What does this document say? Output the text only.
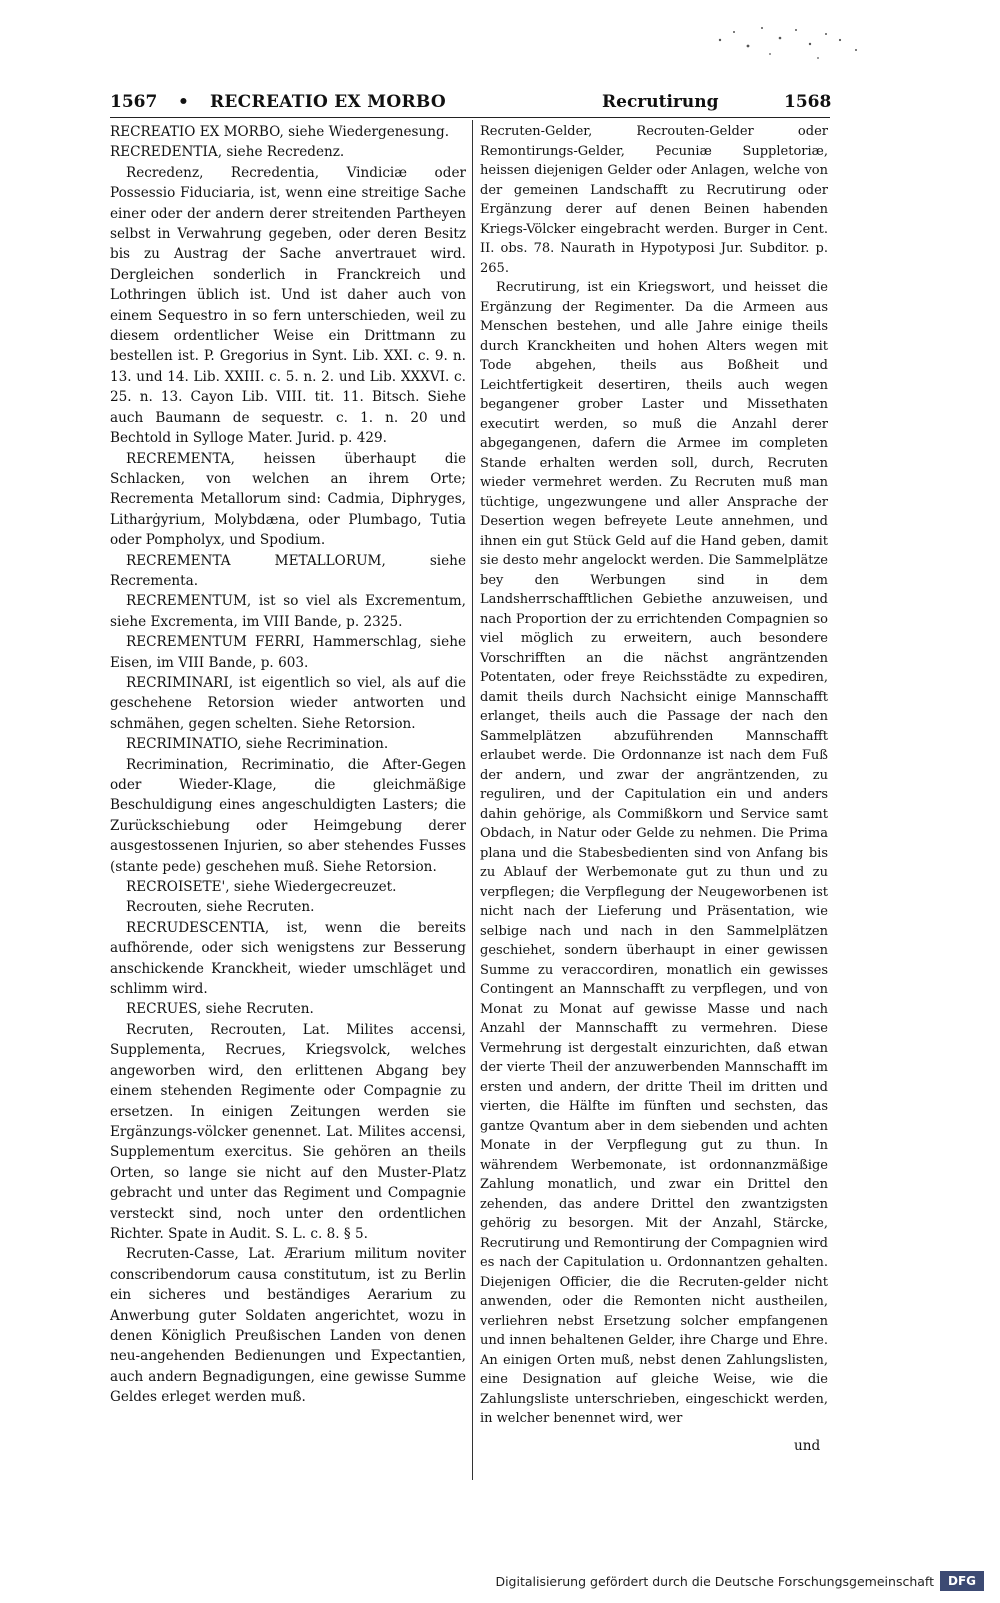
1567 • RECREATIO EX MORBO	Recrutirung	1568

RECREATIO EX MORBO, siehe Wiedergenesung.

RECREDENTIA, siehe Recredenz.

Recredenz, Recredentia, Vindiciæ oder Possessio Fiduciaria, ist, wenn eine streitige Sache einer oder der andern derer streitenden Partheyen selbst in Verwahrung gegeben, oder deren Besitz bis zu Austrag der Sache anvertrauet wird. Dergleichen sonderlich in Franckreich und Lothringen üblich ist. Und ist daher auch von einem Sequestro in so fern unterschieden, weil zu diesem ordentlicher Weise ein Drittmann zu bestellen ist. P. Gregorius in Synt. Lib. XXI. c. 9. n. 13. und 14. Lib. XXIII. c. 5. n. 2. und Lib. XXXVI. c. 25. n. 13. Cayon Lib. VIII. tit. 11. Bitsch. Siehe auch Baumann de sequestr. c. 1. n. 20 und Bechtold in Sylloge Mater. Jurid. p. 429.

RECREMENTA, heissen überhaupt die Schlacken, von welchen an ihrem Orte; Recrementa Metallorum sind: Cadmia, Diphryges, Litharġyrium, Molybdæna, oder Plumbago, Tutia oder Pompholyx, und Spodium.

RECREMENTA METALLORUM, siehe Recrementa.

RECREMENTUM, ist so viel als Excrementum, siehe Excrementa, im VIII Bande, p. 2325.

RECREMENTUM FERRI, Hammerschlag, siehe Eisen, im VIII Bande, p. 603.

RECRIMINARI, ist eigentlich so viel, als auf die geschehene Retorsion wieder antworten und schmähen, gegen schelten. Siehe Retorsion.

RECRIMINATIO, siehe Recrimination.

Recrimination, Recriminatio, die After-Gegen oder Wieder-Klage, die gleichmäßige Beschuldigung eines angeschuldigten Lasters; die Zurückschiebung oder Heimgebung derer ausgestossenen Injurien, so aber stehendes Fusses (stante pede) geschehen muß. Siehe Retorsion.

RECROISETE', siehe Wiedergecreuzet.

Recrouten, siehe Recruten.

RECRUDESCENTIA, ist, wenn die bereits aufhörende, oder sich wenigstens zur Besserung anschickende Kranckheit, wieder umschläget und schlimm wird.

RECRUES, siehe Recruten.

Recruten, Recrouten, Lat. Milites accensi, Supplementa, Recrues, Kriegsvolck, welches angeworben wird, den erlittenen Abgang bey einem stehenden Regimente oder Compagnie zu ersetzen. In einigen Zeitungen werden sie Ergänzungs-völcker genennet. Lat. Milites accensi, Supplementum exercitus. Sie gehören an theils Orten, so lange sie nicht auf den Muster-Platz gebracht und unter das Regiment und Compagnie versteckt sind, noch unter den ordentlichen Richter. Spate in Audit. S. L. c. 8. § 5.

Recruten-Casse, Lat. Ærarium militum noviter conscribendorum causa constitutum, ist zu Berlin ein sicheres und beständiges Aerarium zu Anwerbung guter Soldaten angerichtet, wozu in denen Königlich Preußischen Landen von denen neu-angehenden Bedienungen und Expectantien, auch andern Begnadigungen, eine gewisse Summe Geldes erleget werden muß.

Recruten-Gelder, Recrouten-Gelder oder Remontirungs-Gelder, Pecuniæ Suppletoriæ, heissen diejenigen Gelder oder Anlagen, welche von der gemeinen Landschafft zu Recrutirung oder Ergänzung derer auf denen Beinen habenden Kriegs-Völcker eingebracht werden. Burger in Cent. II. obs. 78. Naurath in Hypotyposi Jur. Subditor. p. 265.

Recrutirung, ist ein Kriegswort, und heisset die Ergänzung der Regimenter. Da die Armeen aus Menschen bestehen, und alle Jahre einige theils durch Kranckheiten und hohen Alters wegen mit Tode abgehen, theils aus Boßheit und Leichtfertigkeit desertiren, theils auch wegen begangener grober Laster und Missethaten executirt werden, so muß die Anzahl derer abgegangenen, dafern die Armee im completen Stande erhalten werden soll, durch, Recruten wieder vermehret werden. Zu Recruten muß man tüchtige, ungezwungene und aller Ansprache der Desertion wegen befreyete Leute annehmen, und ihnen ein gut Stück Geld auf die Hand geben, damit sie desto mehr angelockt werden. Die Sammelplätze bey den Werbungen sind in dem Landsherrschafftlichen Gebiethe anzuweisen, und nach Proportion der zu errichtenden Compagnien so viel möglich zu erweitern, auch besondere Vorschrifften an die nächst angräntzenden Potentaten, oder freye Reichsstädte zu expediren, damit theils durch Nachsicht einige Mannschafft erlanget, theils auch die Passage der nach den Sammelplätzen abzuführenden Mannschafft erlaubet werde. Die Ordonnanze ist nach dem Fuß der andern, und zwar der angräntzenden, zu reguliren, und der Capitulation ein und anders dahin gehörige, als Commißkorn und Service samt Obdach, in Natur oder Gelde zu nehmen. Die Prima plana und die Stabesbedienten sind von Anfang bis zu Ablauf der Werbemonate gut zu thun und zu verpflegen; die Verpflegung der Neugeworbenen ist nicht nach der Lieferung und Präsentation, wie selbige nach und nach in den Sammelplätzen geschiehet, sondern überhaupt in einer gewissen Summe zu veraccordiren, monatlich ein gewisses Contingent an Mannschafft zu verpflegen, und von Monat zu Monat auf gewisse Masse und nach Anzahl der Mannschafft zu vermehren. Diese Vermehrung ist dergestalt einzurichten, daß etwan der vierte Theil der anzuwerbenden Mannschafft im ersten und andern, der dritte Theil im dritten und vierten, die Hälfte im fünften und sechsten, das gantze Qvantum aber in dem siebenden und achten Monate in der Verpflegung gut zu thun. In währendem Werbemonate, ist ordonnanzmäßige Zahlung monatlich, und zwar ein Drittel den zehenden, das andere Drittel den zwantzigsten gehörig zu besorgen. Mit der Anzahl, Stärcke, Recrutirung und Remontirung der Compagnien wird es nach der Capitulation u. Ordonnantzen gehalten. Diejenigen Officier, die die Recruten-gelder nicht anwenden, oder die Remonten nicht austheilen, verliehren nebst Ersetzung solcher empfangenen und innen behaltenen Gelder, ihre Charge und Ehre. An einigen Orten muß, nebst denen Zahlungslisten, eine Designation auf gleiche Weise, wie die Zahlungsliste unterschrieben, eingeschickt werden, in welcher benennet wird, wer

und
Digitalisierung gefördert durch die Deutsche Forschungsgemeinschaft	DFG
